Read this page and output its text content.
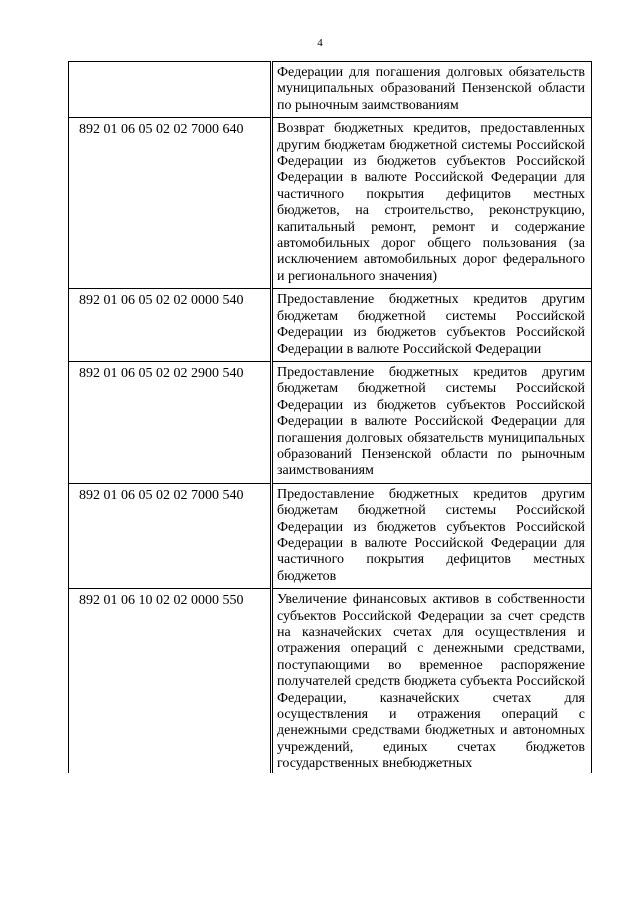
4
	Федерации для погашения долговых обязательств муниципальных образований Пензенской области по рыночным заимствованиям
892 01 06 05 02 02 7000 640	Возврат бюджетных кредитов, предоставленных другим бюджетам бюджетной системы Российской Федерации из бюджетов субъектов Российской Федерации в валюте Российской Федерации для частичного покрытия дефицитов местных бюджетов, на строительство, реконструкцию, капитальный ремонт, ремонт и содержание автомобильных дорог общего пользования (за исключением автомобильных дорог федерального и регионального значения)
892 01 06 05 02 02 0000 540	Предоставление бюджетных кредитов другим бюджетам бюджетной системы Российской Федерации из бюджетов субъектов Российской Федерации в валюте Российской Федерации
892 01 06 05 02 02 2900 540	Предоставление бюджетных кредитов другим бюджетам бюджетной системы Российской Федерации из бюджетов субъектов Российской Федерации в валюте Российской Федерации для погашения долговых обязательств муниципальных образований Пензенской области по рыночным заимствованиям
892 01 06 05 02 02 7000 540	Предоставление бюджетных кредитов другим бюджетам бюджетной системы Российской Федерации из бюджетов субъектов Российской Федерации в валюте Российской Федерации для частичного покрытия дефицитов местных бюджетов
892 01 06 10 02 02 0000 550	Увеличение финансовых активов в собственности субъектов Российской Федерации за счет средств на казначейских счетах для осуществления и отражения операций с денежными средствами, поступающими во временное распоряжение получателей средств бюджета субъекта Российской Федерации, казначейских счетах для осуществления и отражения операций с денежными средствами бюджетных и автономных учреждений, единых счетах бюджетов государственных внебюджетных
